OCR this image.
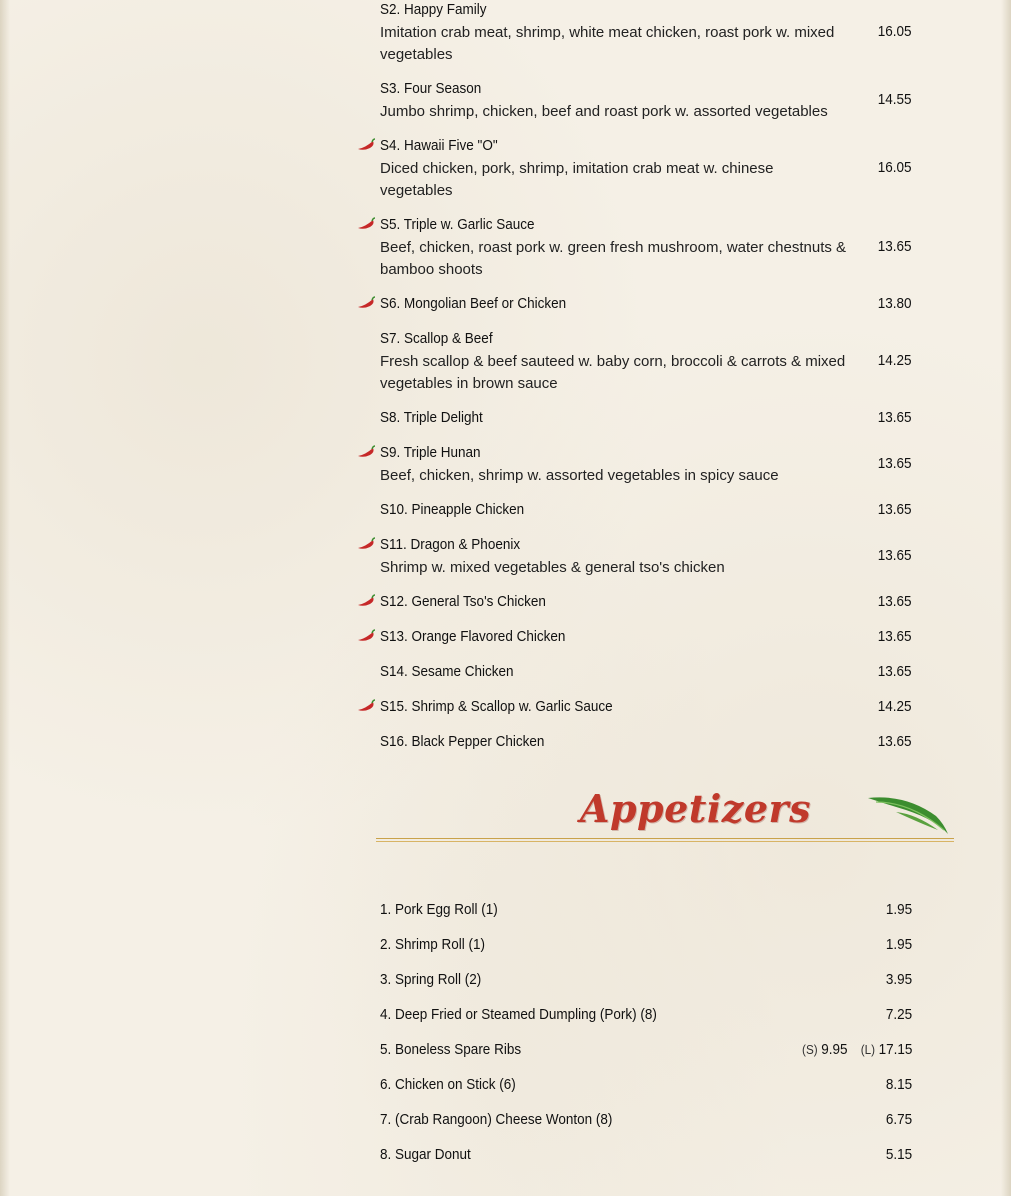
S2. Happy Family
Imitation crab meat, shrimp, white meat chicken, roast pork w. mixed vegetables
16.05
S3. Four Season
Jumbo shrimp, chicken, beef and roast pork w. assorted vegetables
14.55
S4. Hawaii Five "O"
Diced chicken, pork, shrimp, imitation crab meat w. chinese vegetables
16.05
S5. Triple w. Garlic Sauce
Beef, chicken, roast pork w. green fresh mushroom, water chestnuts & bamboo shoots
13.65
S6. Mongolian Beef or Chicken	13.80
S7. Scallop & Beef
Fresh scallop & beef sauteed w. baby corn, broccoli & carrots & mixed vegetables in brown sauce
14.25
S8. Triple Delight	13.65
S9. Triple Hunan
Beef, chicken, shrimp w. assorted vegetables in spicy sauce
13.65
S10. Pineapple Chicken	13.65
S11. Dragon & Phoenix
Shrimp w. mixed vegetables & general tso's chicken
13.65
S12. General Tso's Chicken	13.65
S13. Orange Flavored Chicken	13.65
S14. Sesame Chicken	13.65
S15. Shrimp & Scallop w. Garlic Sauce	14.25
S16. Black Pepper Chicken	13.65
Appetizers
1. Pork Egg Roll (1)	1.95
2. Shrimp Roll (1)	1.95
3. Spring Roll (2)	3.95
4. Deep Fried or Steamed Dumpling (Pork) (8)	7.25
5. Boneless Spare Ribs	(S) 9.95 (L) 17.15
6. Chicken on Stick (6)	8.15
7. (Crab Rangoon) Cheese Wonton (8)	6.75
8. Sugar Donut	5.15
